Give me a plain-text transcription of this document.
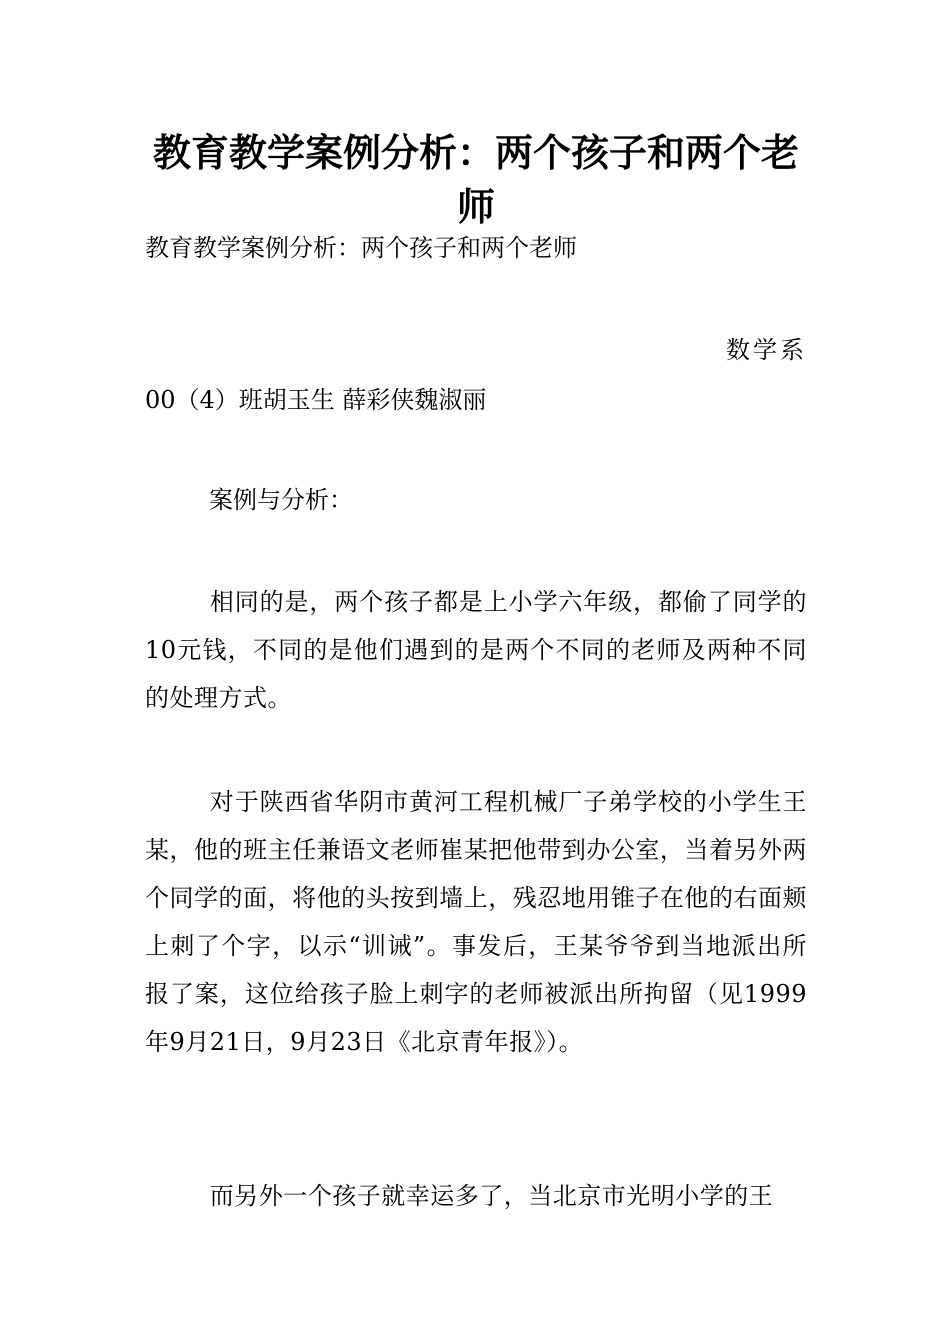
教育教学案例分析：两个孩子和两个老师

教育教学案例分析：两个孩子和两个老师

数学系

00（4）班胡玉生 薛彩侠魏淑丽

案例与分析：

相同的是，两个孩子都是上小学六年级，都偷了同学的10元钱，不同的是他们遇到的是两个不同的老师及两种不同的处理方式。

对于陕西省华阴市黄河工程机械厂子弟学校的小学生王某，他的班主任兼语文老师崔某把他带到办公室，当着另外两个同学的面，将他的头按到墙上，残忍地用锥子在他的右面颊上刺了个字，以示“训诫”。事发后，王某爷爷到当地派出所报了案，这位给孩子脸上刺字的老师被派出所拘留（见1999年9月21日，9月23日《北京青年报》）。

而另外一个孩子就幸运多了，当北京市光明小学的王
